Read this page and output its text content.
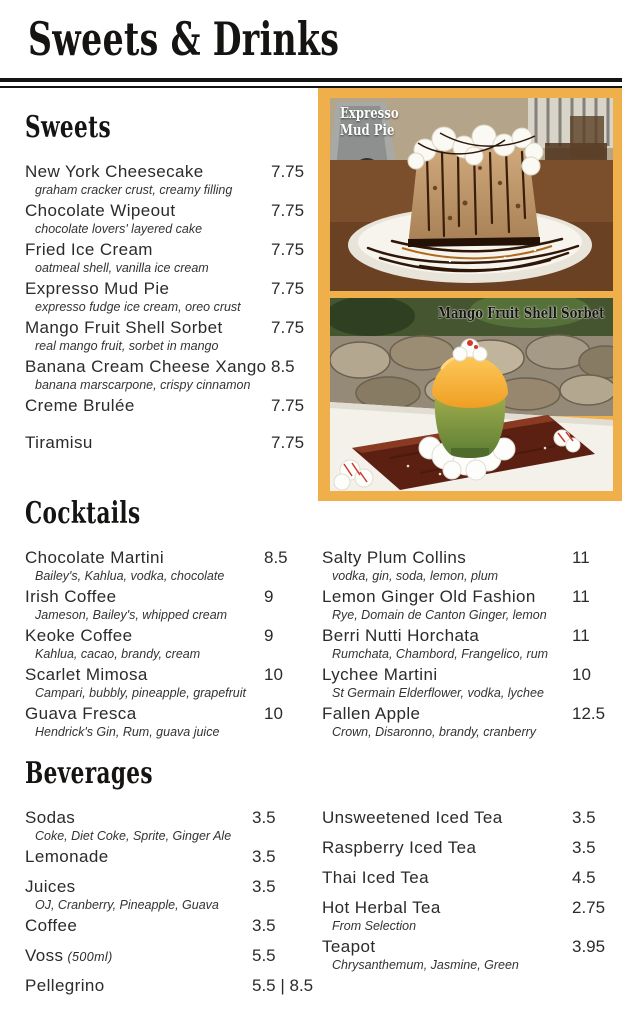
Sweets & Drinks
Expresso Mud Pie
Mango Fruit Shell Sorbet
Sweets
New York Cheesecake	7.75
graham cracker crust, creamy filling
Chocolate Wipeout	7.75
chocolate lovers' layered cake
Fried Ice Cream	7.75
oatmeal shell, vanilla ice cream
Expresso Mud Pie	7.75
expresso fudge ice cream, oreo crust
Mango Fruit Shell Sorbet	7.75
real mango fruit, sorbet in mango
Banana Cream Cheese Xango 8.5
banana marscarpone, crispy cinnamon
Creme Brulée	7.75
Tiramisu	7.75
Cocktails
Chocolate Martini	8.5
Bailey's, Kahlua, vodka, chocolate
Irish Coffee	9
Jameson, Bailey's, whipped cream
Keoke Coffee	9
Kahlua, cacao, brandy, cream
Scarlet Mimosa	10
Campari, bubbly, pineapple, grapefruit
Guava Fresca	10
Hendrick's Gin, Rum, guava juice
Salty Plum Collins	11
vodka, gin, soda, lemon, plum
Lemon Ginger Old Fashion	11
Rye, Domain de Canton Ginger, lemon
Berri Nutti Horchata	11
Rumchata, Chambord, Frangelico, rum
Lychee Martini	10
St Germain Elderflower, vodka, lychee
Fallen Apple	12.5
Crown, Disaronno, brandy, cranberry
Beverages
Sodas	3.5
Coke, Diet Coke, Sprite, Ginger Ale
Lemonade	3.5
Juices	3.5
OJ, Cranberry, Pineapple, Guava
Coffee	3.5
Voss (500ml)	5.5
Pellegrino	5.5 | 8.5
Unsweetened Iced Tea	3.5
Raspberry Iced Tea	3.5
Thai Iced Tea	4.5
Hot Herbal Tea	2.75
From Selection
Teapot	3.95
Chrysanthemum, Jasmine, Green
